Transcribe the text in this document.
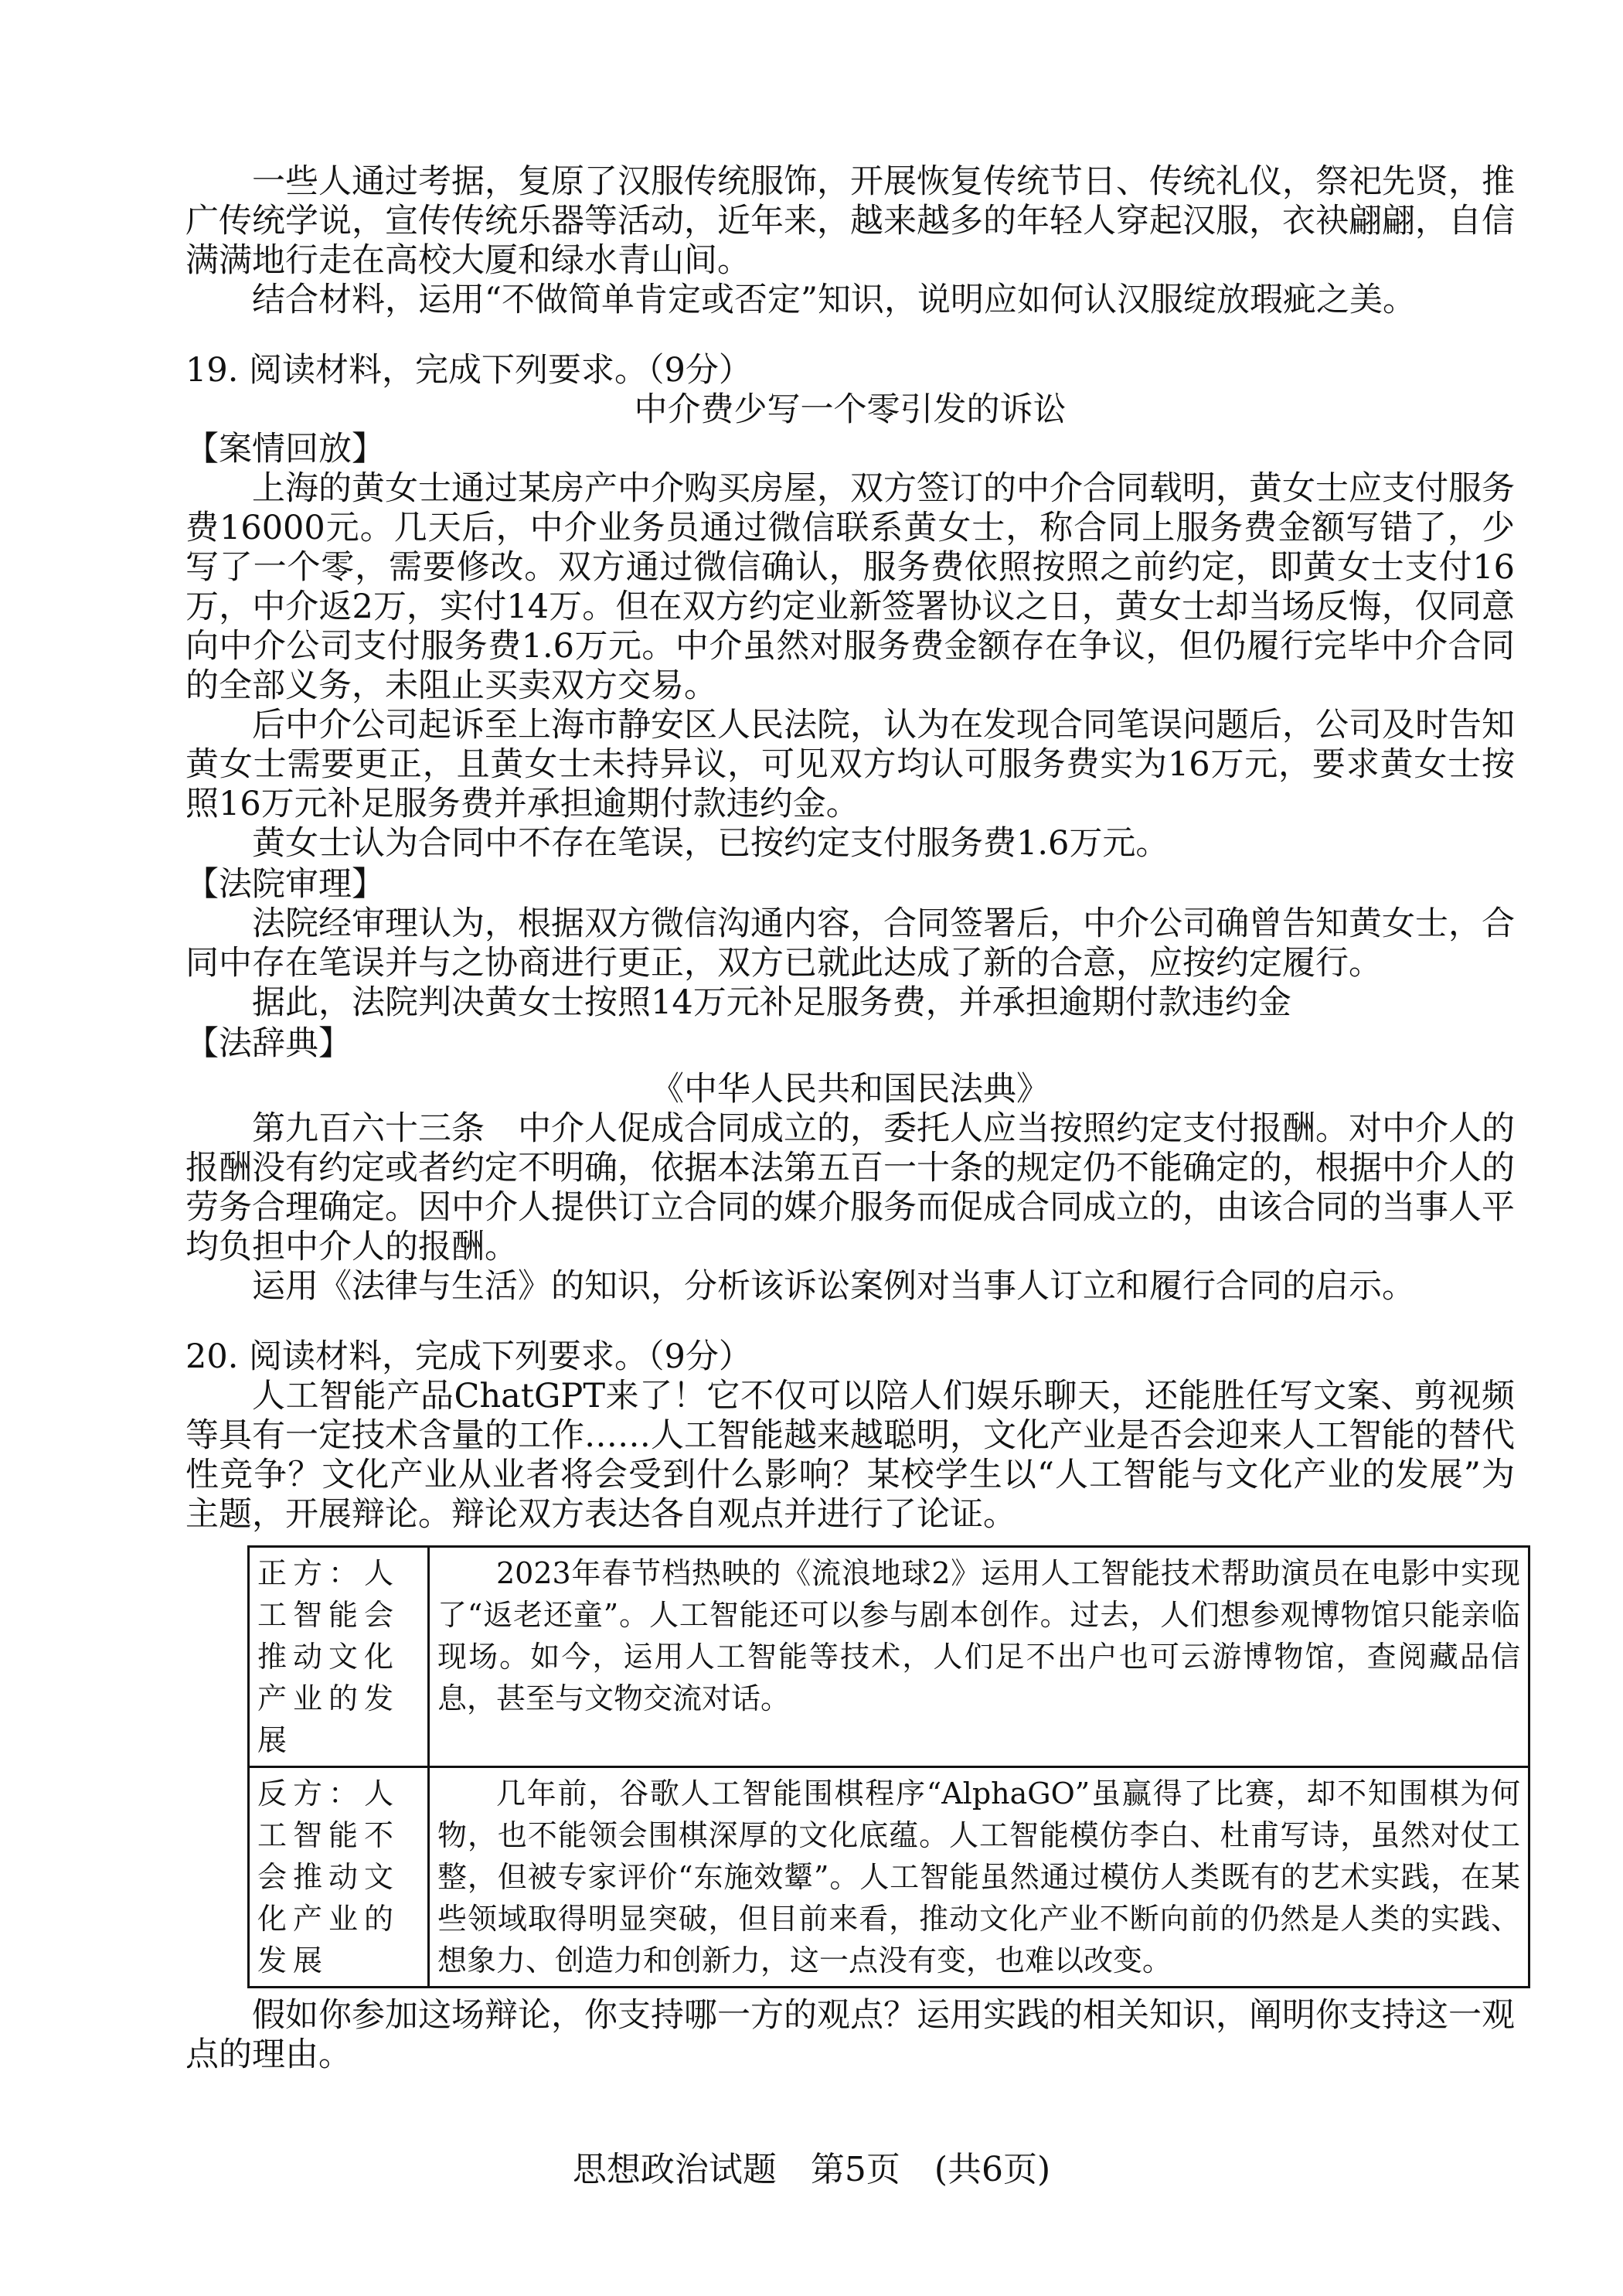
一些人通过考据，复原了汉服传统服饰，开展恢复传统节日、传统礼仪，祭祀先贤，推广传统学说，宣传传统乐器等活动，近年来，越来越多的年轻人穿起汉服，衣袂翩翩，自信满满地行走在高校大厦和绿水青山间。

结合材料，运用“不做简单肯定或否定”知识，说明应如何认汉服绽放瑕疵之美。

19. 阅读材料，完成下列要求。（9分）

中介费少写一个零引发的诉讼

【案情回放】

上海的黄女士通过某房产中介购买房屋，双方签订的中介合同载明，黄女士应支付服务费16000元。几天后，中介业务员通过微信联系黄女士，称合同上服务费金额写错了，少写了一个零，需要修改。双方通过微信确认，服务费依照按照之前约定，即黄女士支付16万，中介返2万，实付14万。但在双方约定业新签署协议之日，黄女士却当场反悔，仅同意向中介公司支付服务费1.6万元。中介虽然对服务费金额存在争议，但仍履行完毕中介合同的全部义务，未阻止买卖双方交易。

后中介公司起诉至上海市静安区人民法院，认为在发现合同笔误问题后，公司及时告知黄女士需要更正，且黄女士未持异议，可见双方均认可服务费实为16万元，要求黄女士按照16万元补足服务费并承担逾期付款违约金。

黄女士认为合同中不存在笔误，已按约定支付服务费1.6万元。

【法院审理】

法院经审理认为，根据双方微信沟通内容，合同签署后，中介公司确曾告知黄女士，合同中存在笔误并与之协商进行更正，双方已就此达成了新的合意，应按约定履行。

据此，法院判决黄女士按照14万元补足服务费，并承担逾期付款违约金

【法辞典】

《中华人民共和国民法典》

第九百六十三条　中介人促成合同成立的，委托人应当按照约定支付报酬。对中介人的报酬没有约定或者约定不明确，依据本法第五百一十条的规定仍不能确定的，根据中介人的劳务合理确定。因中介人提供订立合同的媒介服务而促成合同成立的，由该合同的当事人平均负担中介人的报酬。

运用《法律与生活》的知识，分析该诉讼案例对当事人订立和履行合同的启示。

20. 阅读材料，完成下列要求。（9分）

人工智能产品ChatGPT来了！它不仅可以陪人们娱乐聊天，还能胜任写文案、剪视频等具有一定技术含量的工作……人工智能越来越聪明，文化产业是否会迎来人工智能的替代性竞争？文化产业从业者将会受到什么影响？某校学生以“人工智能与文化产业的发展”为主题，开展辩论。辩论双方表达各自观点并进行了论证。

正方：人工智能会推动文化产业的发展	2023年春节档热映的《流浪地球2》运用人工智能技术帮助演员在电影中实现了“返老还童”。人工智能还可以参与剧本创作。过去，人们想参观博物馆只能亲临现场。如今，运用人工智能等技术，人们足不出户也可云游博物馆，查阅藏品信息，甚至与文物交流对话。
反方：人工智能不会推动文化产业的发展	几年前，谷歌人工智能围棋程序“AlphaGO”虽赢得了比赛，却不知围棋为何物，也不能领会围棋深厚的文化底蕴。人工智能模仿李白、杜甫写诗，虽然对仗工整，但被专家评价“东施效颦”。人工智能虽然通过模仿人类既有的艺术实践，在某些领域取得明显突破，但目前来看，推动文化产业不断向前的仍然是人类的实践、想象力、创造力和创新力，这一点没有变，也难以改变。

假如你参加这场辩论，你支持哪一方的观点？运用实践的相关知识，阐明你支持这一观点的理由。

思想政治试题　第5页　(共6页)
